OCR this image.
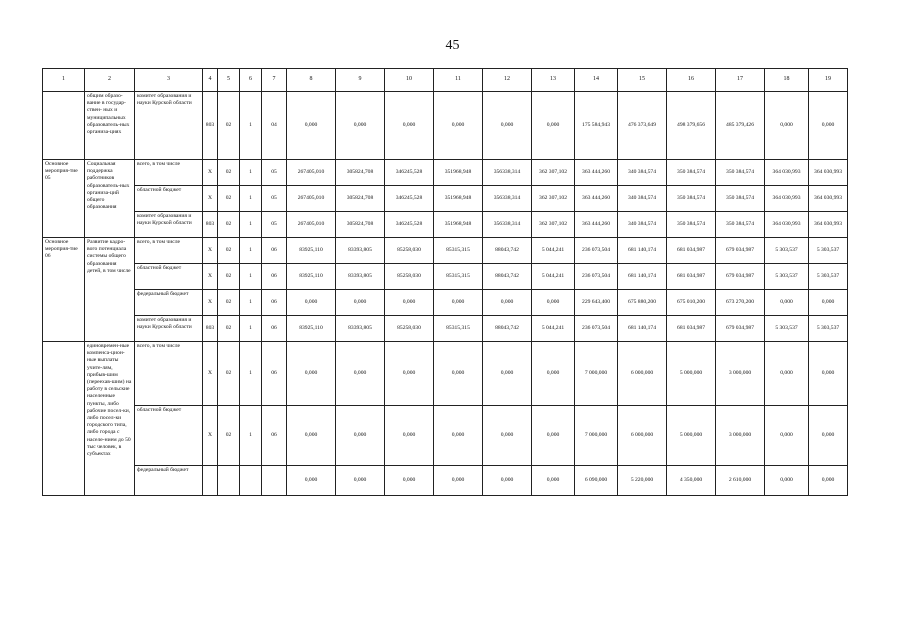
45
1	2	3	4	5	6	7	8	9	10	11	12	13	14	15	16	17	18	19
	общим образо-вание в государ-ствен- ных и муниципальных образователь-ных организа-циях	комитет образования и науки Курской области	803	02	1	04	0,000	0,000	0,000	0,000	0,000	0,000	175 584,943	476 373,649	498 379,656	485 379,426	0,000	0,000
Основное мероприя-тие 05	Социальная поддержка работников образователь-ных организа-ций общего образования	всего, в том числе	X	02	1	05	267405,010	305824,708	346245,528	351968,948	356338,314	362 307,102	363 444,260	340 384,574	350 384,574	350 384,574	364 030,993	364 030,993
		областной бюджет	X	02	1	05	267405,010	305824,708	346245,528	351968,948	356338,314	362 307,102	363 444,260	340 384,574	350 384,574	350 384,574	364 030,993	364 030,993
		комитет образования и науки Курской области	803	02	1	05	267405,010	305824,708	346245,528	351968,948	356338,314	362 307,102	363 444,260	340 384,574	350 384,574	350 384,574	364 030,993	364 030,993
Основное мероприя-тие 06	Развитие кадро-вого потенциала системы общего образования детей, в том числе	всего, в том числе	X	02	1	06	83925,110	83393,805	85258,030	85315,315	88043,742	5 044,241	236 073,504	681 140,174	681 034,987	679 034,987	5 303,537	5 303,537
		областной бюджет	X	02	1	06	83925,110	83393,805	85258,030	85315,315	88043,742	5 044,241	236 073,504	681 140,174	681 034,987	679 034,987	5 303,537	5 303,537
		федеральный бюджет	X	02	1	06	0,000	0,000	0,000	0,000	0,000	0,000	229 643,400	675 880,200	675 010,200	673 270,200	0,000	0,000
		комитет образования и науки Курской области	803	02	1	06	83925,110	83393,805	85258,030	85315,315	88043,742	5 044,241	236 073,504	681 140,174	681 034,987	679 034,987	5 303,537	5 303,537
	единовремен-ные компенса-цион- ные выплаты учите-лям, прибыв-шим (переехав-шим) на работу в сельские населенные пункты, либо рабочие посел-ки, либо посел-ки городского типа, либо города с населе-нием до 50 тыс человек, в субъектах	всего, в том числе	X	02	1	06	0,000	0,000	0,000	0,000	0,000	0,000	7 000,000	6 000,000	5 000,000	3 000,000	0,000	0,000
		областной бюджет	X	02	1	06	0,000	0,000	0,000	0,000	0,000	0,000	7 000,000	6 000,000	5 000,000	3 000,000	0,000	0,000
		федеральный бюджет					0,000	0,000	0,000	0,000	0,000	0,000	6 090,000	5 220,000	4 350,000	2 610,000	0,000	0,000
